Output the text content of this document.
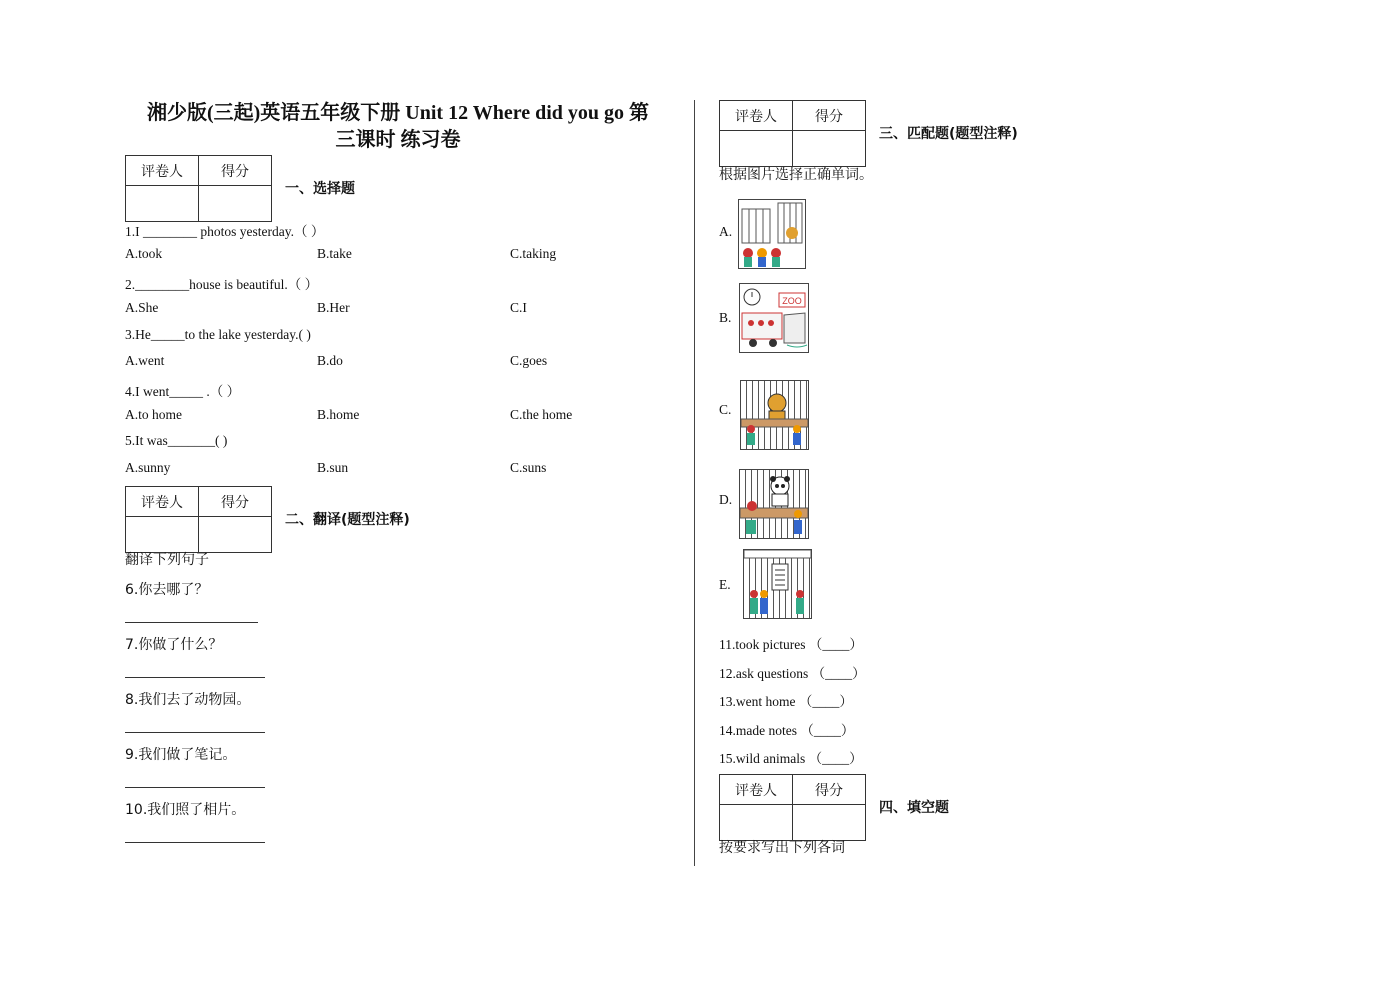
湘少版(三起)英语五年级下册 Unit 12 Where did you go 第
三课时 练习卷
评卷人	得分

一、选择题
1.I ________ photos yesterday.（ ）
A.took	B.take	C.taking
2.________house is beautiful.（ ）
A.She	B.Her	C.I
3.He_____to the lake yesterday.( )
A.went	B.do	C.goes
4.I went_____ .（ ）
A.to home	B.home	C.the home
5.It was_______( )
A.sunny	B.sun	C.suns
评卷人	得分

二、翻译(题型注释)
翻译下列句子
6.你去哪了？
7.你做了什么？
8.我们去了动物园。
9.我们做了笔记。
10.我们照了相片。
评卷人	得分

三、匹配题(题型注释)
根据图片选择正确单词。
A.
B.
ZOO
C.
D.
E.
11.took pictures （____）
12.ask questions （____）
13.went home （____）
14.made notes （____）
15.wild animals （____）
评卷人	得分

四、填空题
按要求写出下列各词
